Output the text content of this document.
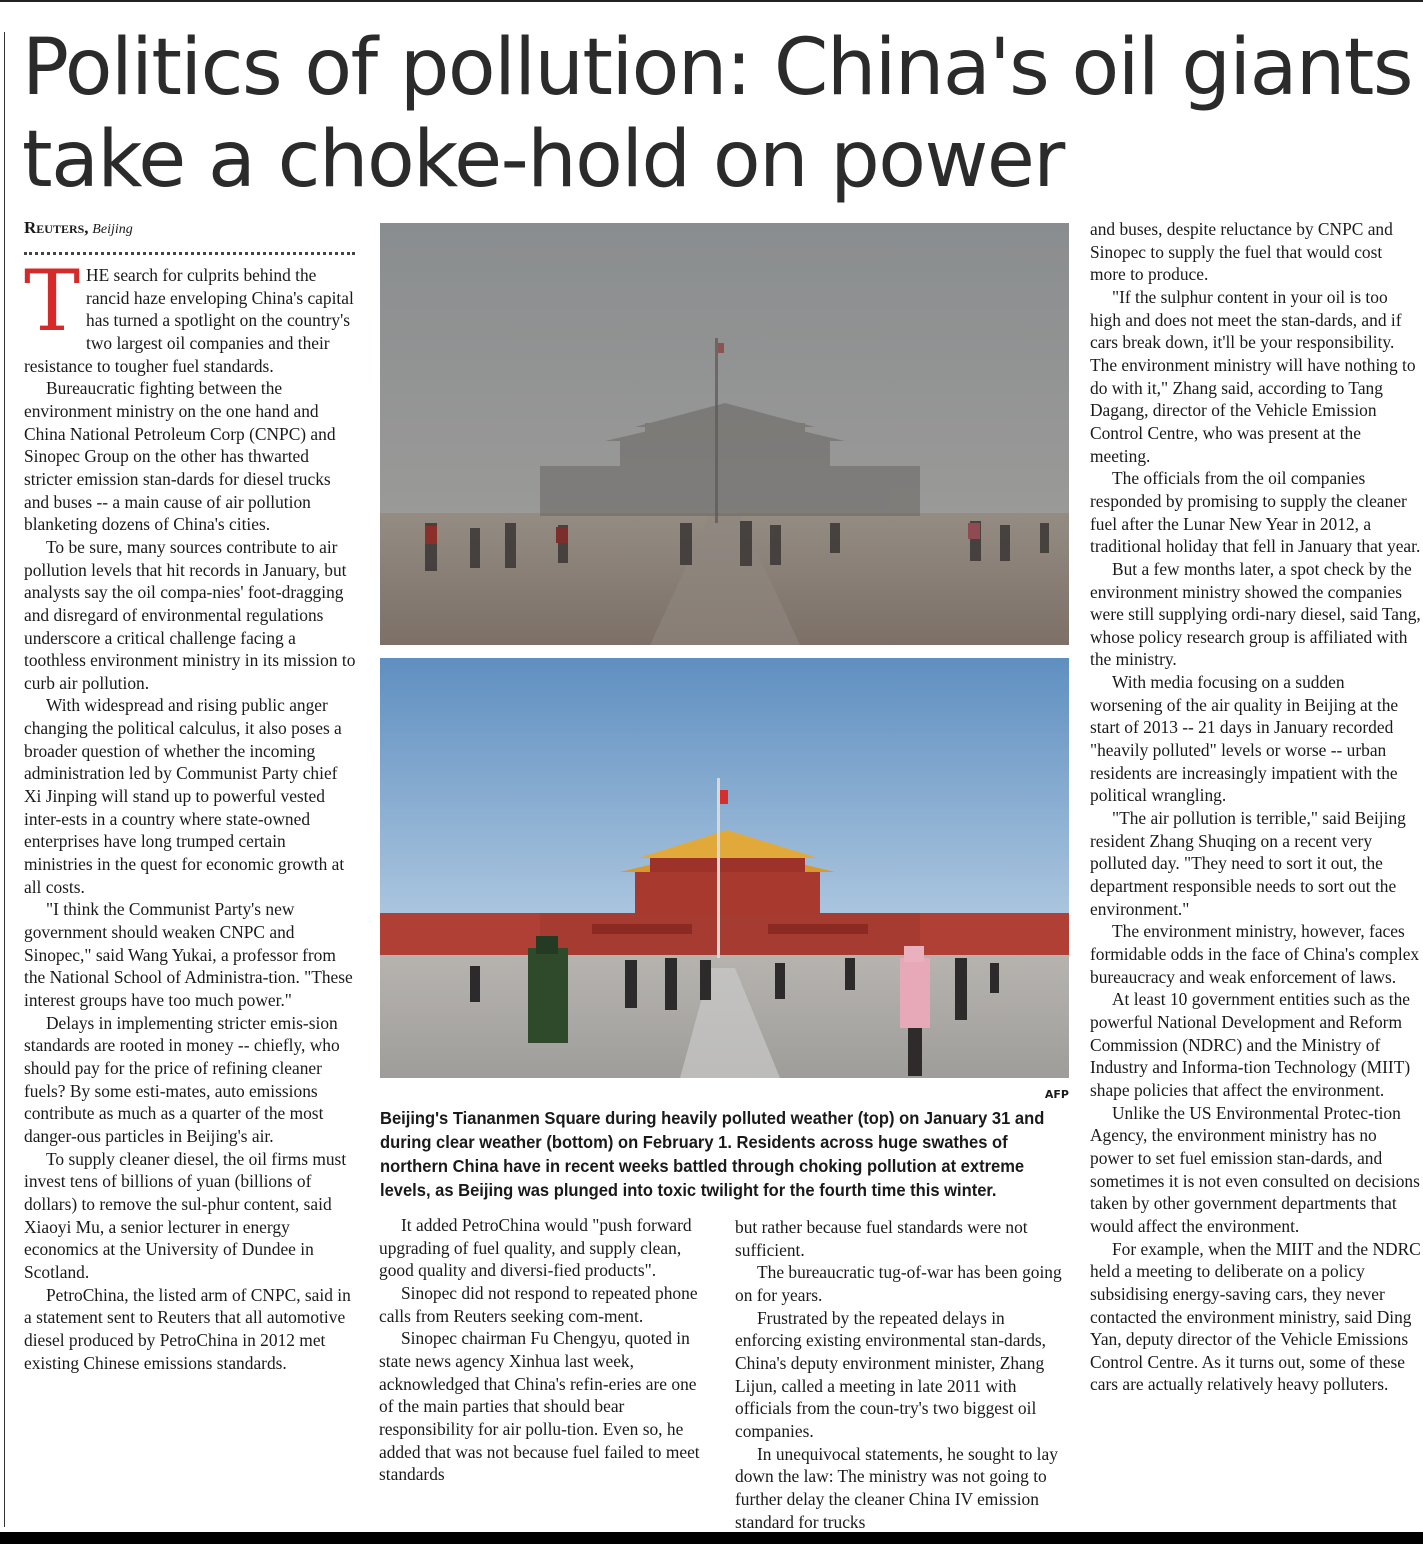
Politics of pollution: China's oil giants
take a choke-hold on power
Reuters, Beijing

THE search for culprits behind the rancid haze enveloping China's capital has turned a spotlight on the country's two largest oil companies and their resistance to tougher fuel standards.

Bureaucratic fighting between the environment ministry on the one hand and China National Petroleum Corp (CNPC) and Sinopec Group on the other has thwarted stricter emission stan-dards for diesel trucks and buses -- a main cause of air pollution blanketing dozens of China's cities.

To be sure, many sources contribute to air pollution levels that hit records in January, but analysts say the oil compa-nies' foot-dragging and disregard of environmental regulations underscore a critical challenge facing a toothless environment ministry in its mission to curb air pollution.

With widespread and rising public anger changing the political calculus, it also poses a broader question of whether the incoming administration led by Communist Party chief Xi Jinping will stand up to powerful vested inter-ests in a country where state-owned enterprises have long trumped certain ministries in the quest for economic growth at all costs.

"I think the Communist Party's new government should weaken CNPC and Sinopec," said Wang Yukai, a professor from the National School of Administra-tion. "These interest groups have too much power."

Delays in implementing stricter emis-sion standards are rooted in money -- chiefly, who should pay for the price of refining cleaner fuels? By some esti-mates, auto emissions contribute as much as a quarter of the most danger-ous particles in Beijing's air.

To supply cleaner diesel, the oil firms must invest tens of billions of yuan (billions of dollars) to remove the sul-phur content, said Xiaoyi Mu, a senior lecturer in energy economics at the University of Dundee in Scotland.

PetroChina, the listed arm of CNPC, said in a statement sent to Reuters that all automotive diesel produced by PetroChina in 2012 met existing Chinese emissions standards.

AFP
Beijing's Tiananmen Square during heavily polluted weather (top) on January 31 and
during clear weather (bottom) on February 1. Residents across huge swathes of
northern China have in recent weeks battled through choking pollution at extreme
levels, as Beijing was plunged into toxic twilight for the fourth time this winter.

It added PetroChina would "push forward upgrading of fuel quality, and supply clean, good quality and diversi-fied products".

Sinopec did not respond to repeated phone calls from Reuters seeking com-ment.

Sinopec chairman Fu Chengyu, quoted in state news agency Xinhua last week, acknowledged that China's refin-eries are one of the main parties that should bear responsibility for air pollu-tion. Even so, he added that was not because fuel failed to meet standards

but rather because fuel standards were not sufficient.

The bureaucratic tug-of-war has been going on for years.

Frustrated by the repeated delays in enforcing existing environmental stan-dards, China's deputy environment minister, Zhang Lijun, called a meeting in late 2011 with officials from the coun-try's two biggest oil companies.

In unequivocal statements, he sought to lay down the law: The ministry was not going to further delay the cleaner China IV emission standard for trucks

and buses, despite reluctance by CNPC and Sinopec to supply the fuel that would cost more to produce.

"If the sulphur content in your oil is too high and does not meet the stan-dards, and if cars break down, it'll be your responsibility. The environment ministry will have nothing to do with it," Zhang said, according to Tang Dagang, director of the Vehicle Emission Control Centre, who was present at the meeting.

The officials from the oil companies responded by promising to supply the cleaner fuel after the Lunar New Year in 2012, a traditional holiday that fell in January that year.

But a few months later, a spot check by the environment ministry showed the companies were still supplying ordi-nary diesel, said Tang, whose policy research group is affiliated with the ministry.

With media focusing on a sudden worsening of the air quality in Beijing at the start of 2013 -- 21 days in January recorded "heavily polluted" levels or worse -- urban residents are increasingly impatient with the political wrangling.

"The air pollution is terrible," said Beijing resident Zhang Shuqing on a recent very polluted day. "They need to sort it out, the department responsible needs to sort out the environment."

The environment ministry, however, faces formidable odds in the face of China's complex bureaucracy and weak enforcement of laws.

At least 10 government entities such as the powerful National Development and Reform Commission (NDRC) and the Ministry of Industry and Informa-tion Technology (MIIT) shape policies that affect the environment.

Unlike the US Environmental Protec-tion Agency, the environment ministry has no power to set fuel emission stan-dards, and sometimes it is not even consulted on decisions taken by other government departments that would affect the environment.

For example, when the MIIT and the NDRC held a meeting to deliberate on a policy subsidising energy-saving cars, they never contacted the environment ministry, said Ding Yan, deputy director of the Vehicle Emissions Control Centre. As it turns out, some of these cars are actually relatively heavy polluters.
